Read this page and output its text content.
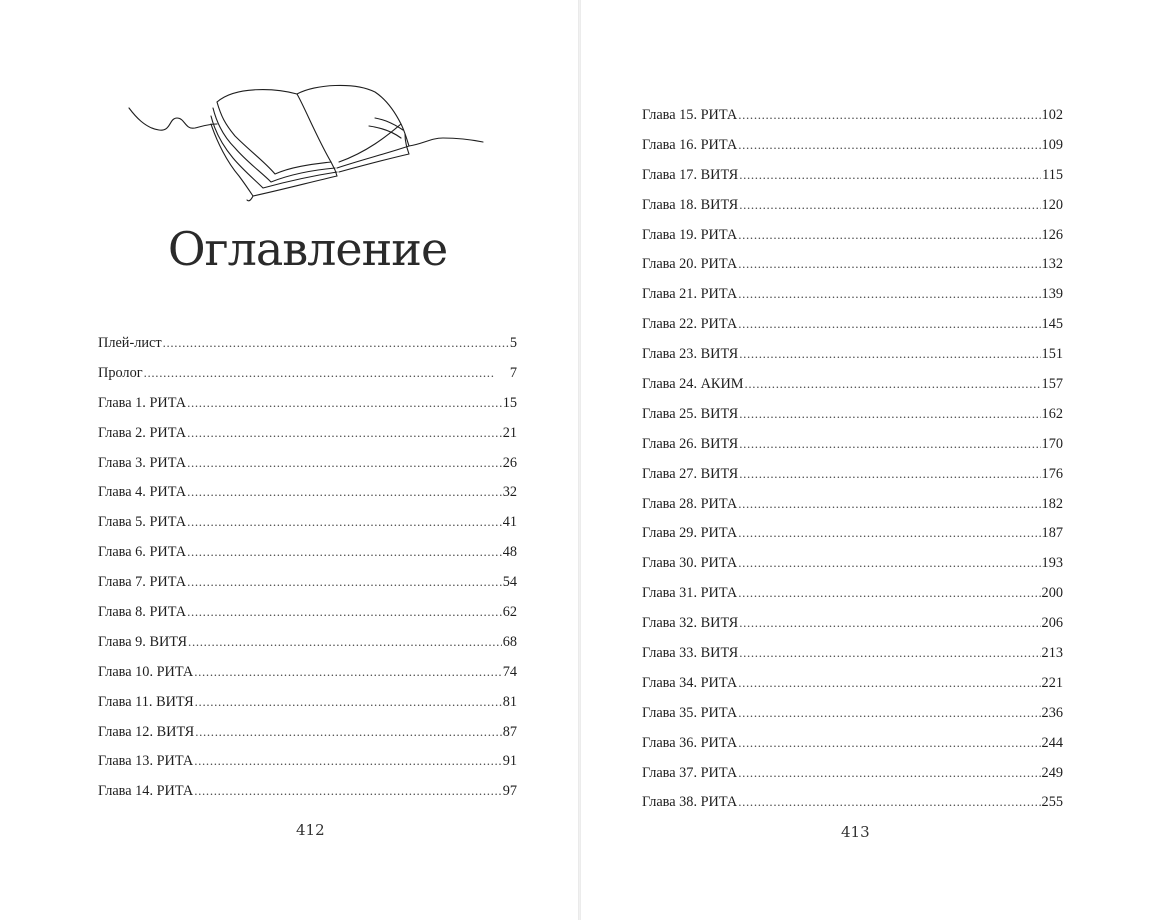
Оглавление
Плей-лист . . .	5
Пролог . . .	7
Глава 1. РИТА . . .	15
Глава 2. РИТА . . .	21
Глава 3. РИТА . . .	26
Глава 4. РИТА . . .	32
Глава 5. РИТА . . .	41
Глава 6. РИТА . . .	48
Глава 7. РИТА . . .	54
Глава 8. РИТА . . .	62
Глава 9. ВИТЯ . . .	68
Глава 10. РИТА . . .	74
Глава 11. ВИТЯ . . .	81
Глава 12. ВИТЯ . . .	87
Глава 13. РИТА . . .	91
Глава 14. РИТА . . .	97
412
Глава 15. РИТА . . .	102
Глава 16. РИТА . . .	109
Глава 17. ВИТЯ . . .	115
Глава 18. ВИТЯ . . .	120
Глава 19. РИТА . . .	126
Глава 20. РИТА . . .	132
Глава 21. РИТА . . .	139
Глава 22. РИТА . . .	145
Глава 23. ВИТЯ . . .	151
Глава 24. АКИМ . . .	157
Глава 25. ВИТЯ . . .	162
Глава 26. ВИТЯ . . .	170
Глава 27. ВИТЯ . . .	176
Глава 28. РИТА . . .	182
Глава 29. РИТА . . .	187
Глава 30. РИТА . . .	193
Глава 31. РИТА . . .	200
Глава 32. ВИТЯ . . .	206
Глава 33. ВИТЯ . . .	213
Глава 34. РИТА . . .	221
Глава 35. РИТА . . .	236
Глава 36. РИТА . . .	244
Глава 37. РИТА . . .	249
Глава 38. РИТА . . .	255
413
